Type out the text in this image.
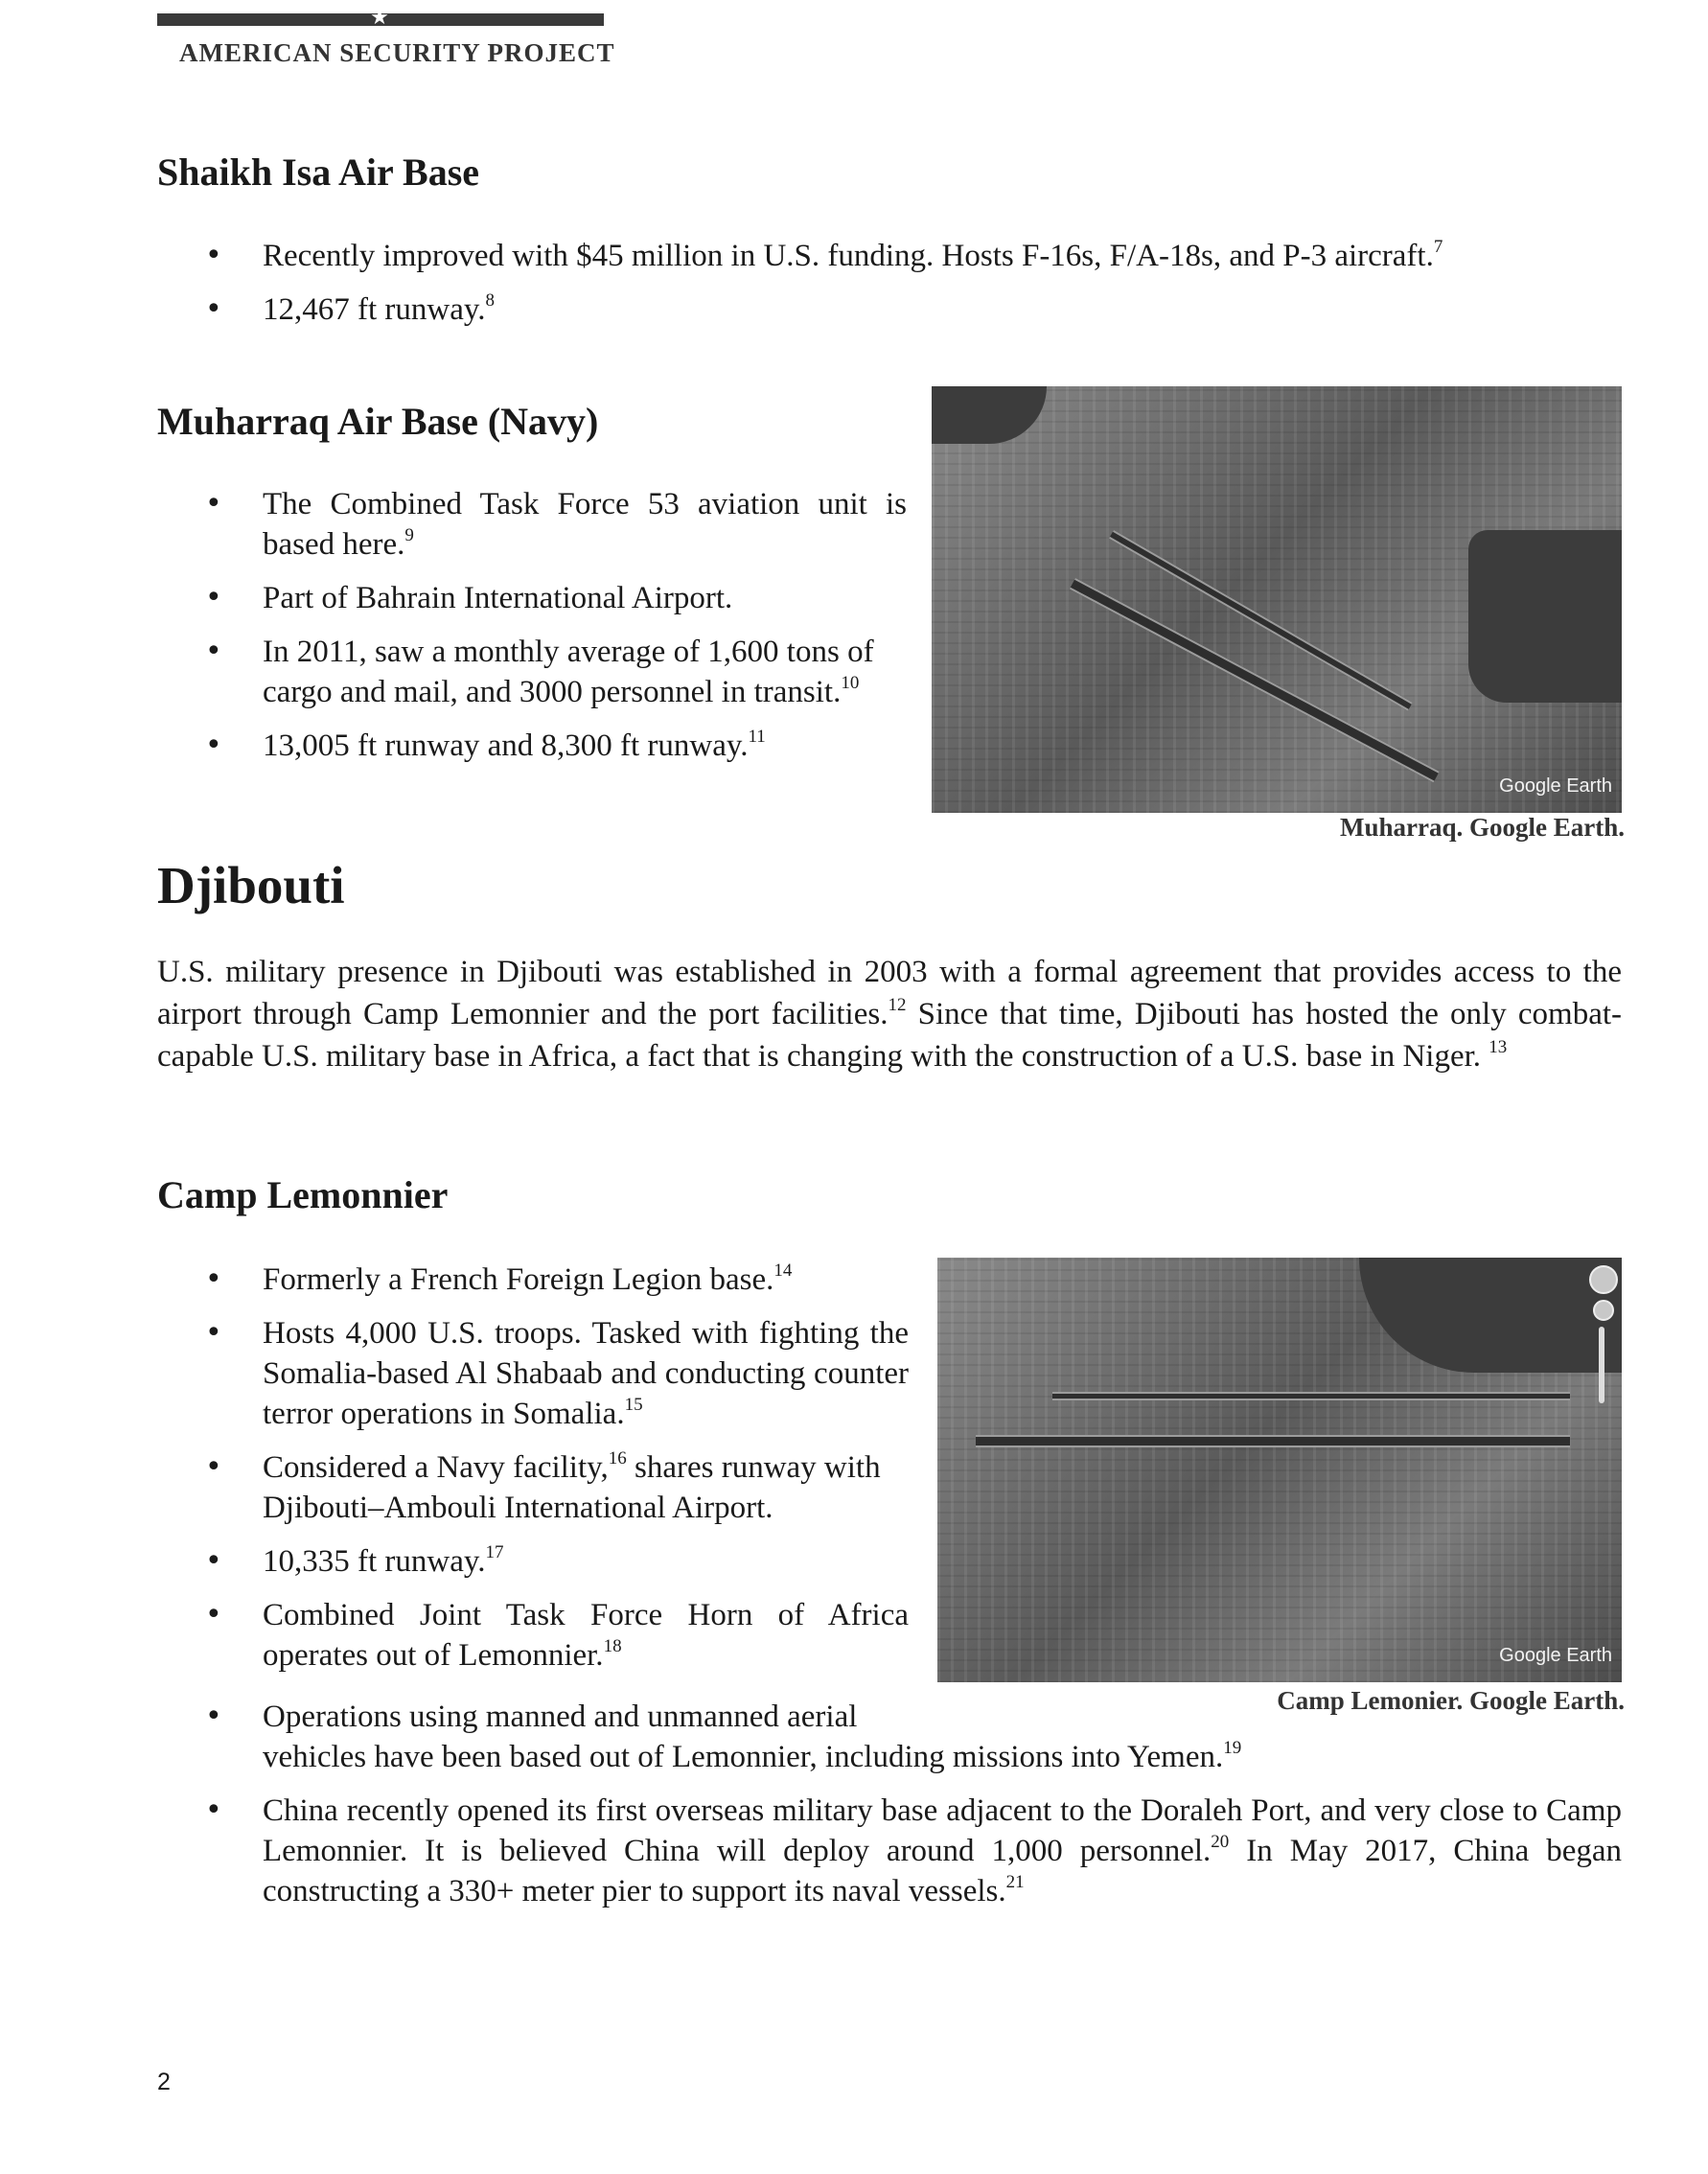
★
AMERICAN SECURITY PROJECT
Shaikh Isa Air Base
• Recently improved with $45 million in U.S. funding. Hosts F-16s, F/A-18s, and P-3 aircraft.$^7$
• 12,467 ft runway.$^8$
Muharraq Air Base (Navy)
• The Combined Task Force 53 aviation unit is based here.$^9$
• Part of Bahrain International Airport.
• In 2011, saw a monthly average of 1,600 tons of cargo and mail, and 3000 personnel in transit.$^{10}$
• 13,005 ft runway and 8,300 ft runway.$^{11}$
Google Earth
Muharraq. Google Earth.
Djibouti

U.S. military presence in Djibouti was established in 2003 with a formal agreement that provides access to the airport through Camp Lemonnier and the port facilities.$^{12}$ Since that time, Djibouti has hosted the only combat-capable U.S. military base in Africa, a fact that is changing with the construction of a U.S. base in Niger. $^{13}$

Camp Lemonnier
• Formerly a French Foreign Legion base.$^{14}$
• Hosts 4,000 U.S. troops. Tasked with fighting the Somalia-based Al Shabaab and conducting counter terror operations in Somalia.$^{15}$
• Considered a Navy facility,$^{16}$ shares runway with Djibouti–Ambouli International Airport.
• 10,335 ft runway.$^{17}$
• Combined Joint Task Force Horn of Africa operates out of Lemonnier.$^{18}$
• Operations using manned and unmanned aerial
vehicles have been based out of Lemonnier, including missions into Yemen.$^{19}$
• China recently opened its first overseas military base adjacent to the Doraleh Port, and very close to Camp Lemonnier. It is believed China will deploy around 1,000 personnel.$^{20}$ In May 2017, China began constructing a 330+ meter pier to support its naval vessels.$^{21}$
Google Earth
Camp Lemonier. Google Earth.
2
